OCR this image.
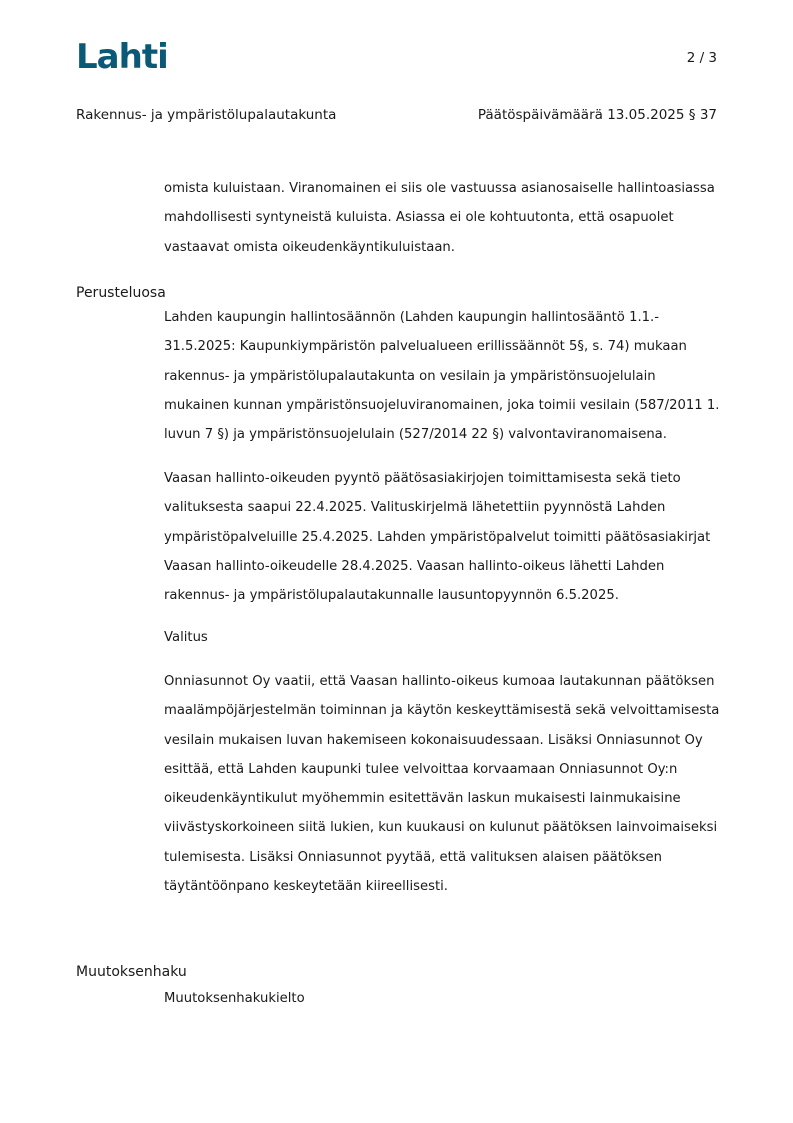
Lahti	2 / 3
Rakennus- ja ympäristölupalautakunta	Päätöspäivämäärä 13.05.2025 § 37
omista kuluistaan. Viranomainen ei siis ole vastuussa asianosaiselle hallintoasiassa
mahdollisesti syntyneistä kuluista. Asiassa ei ole kohtuutonta, että osapuolet
vastaavat omista oikeudenkäyntikuluistaan.
Perusteluosa
Lahden kaupungin hallintosäännön (Lahden kaupungin hallintosääntö 1.1.-
31.5.2025: Kaupunkiympäristön palvelualueen erillissäännöt 5§, s. 74) mukaan
rakennus- ja ympäristölupalautakunta on vesilain ja ympäristönsuojelulain
mukainen kunnan ympäristönsuojeluviranomainen, joka toimii vesilain (587/2011 1.
luvun 7 §) ja ympäristönsuojelulain (527/2014 22 §) valvontaviranomaisena.
Vaasan hallinto-oikeuden pyyntö päätösasiakirjojen toimittamisesta sekä tieto
valituksesta saapui 22.4.2025. Valituskirjelmä lähetettiin pyynnöstä Lahden
ympäristöpalveluille 25.4.2025. Lahden ympäristöpalvelut toimitti päätösasiakirjat
Vaasan hallinto-oikeudelle 28.4.2025. Vaasan hallinto-oikeus lähetti Lahden
rakennus- ja ympäristölupalautakunnalle lausuntopyynnön 6.5.2025.
Valitus
Onniasunnot Oy vaatii, että Vaasan hallinto-oikeus kumoaa lautakunnan päätöksen
maalämpöjärjestelmän toiminnan ja käytön keskeyttämisestä sekä velvoittamisesta
vesilain mukaisen luvan hakemiseen kokonaisuudessaan. Lisäksi Onniasunnot Oy
esittää, että Lahden kaupunki tulee velvoittaa korvaamaan Onniasunnot Oy:n
oikeudenkäyntikulut myöhemmin esitettävän laskun mukaisesti lainmukaisine
viivästyskorkoineen siitä lukien, kun kuukausi on kulunut päätöksen lainvoimaiseksi
tulemisesta. Lisäksi Onniasunnot pyytää, että valituksen alaisen päätöksen
täytäntöönpano keskeytetään kiireellisesti.
Muutoksenhaku
Muutoksenhakukielto
